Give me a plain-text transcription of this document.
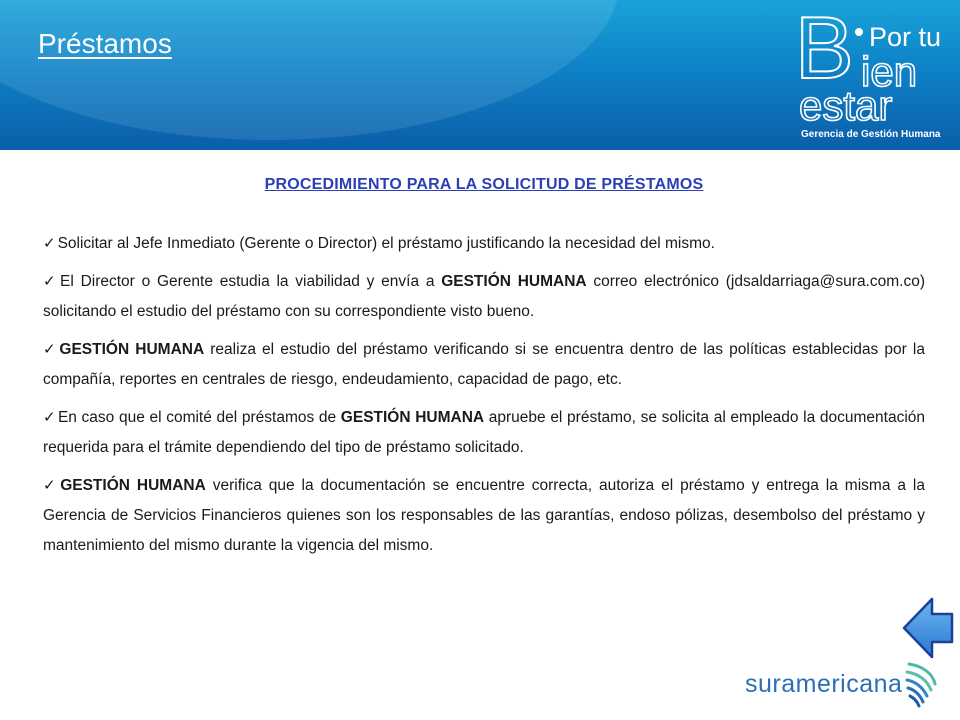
Préstamos	B Por tu
ien
estar
Gerencia de Gestión Humana
PROCEDIMIENTO PARA LA SOLICITUD DE PRÉSTAMOS
✓ Solicitar al Jefe Inmediato (Gerente o Director) el préstamo justificando la necesidad del mismo.
✓ El Director o Gerente estudia la viabilidad y envía a GESTIÓN HUMANA correo electrónico (jdsaldarriaga@sura.com.co) solicitando el estudio del préstamo con su correspondiente visto bueno.
✓ GESTIÓN HUMANA realiza el estudio del préstamo verificando si se encuentra dentro de las políticas establecidas por la compañía, reportes en centrales de riesgo, endeudamiento, capacidad de pago, etc.
✓ En caso que el comité del préstamos de GESTIÓN HUMANA apruebe el préstamo, se solicita al empleado la documentación requerida para el trámite dependiendo del tipo de préstamo solicitado.
✓ GESTIÓN HUMANA verifica que la documentación se encuentre correcta, autoriza el préstamo y entrega la misma a la Gerencia de Servicios Financieros quienes son los responsables de las garantías, endoso pólizas, desembolso del préstamo y mantenimiento del mismo durante la vigencia del mismo.
suramericana
